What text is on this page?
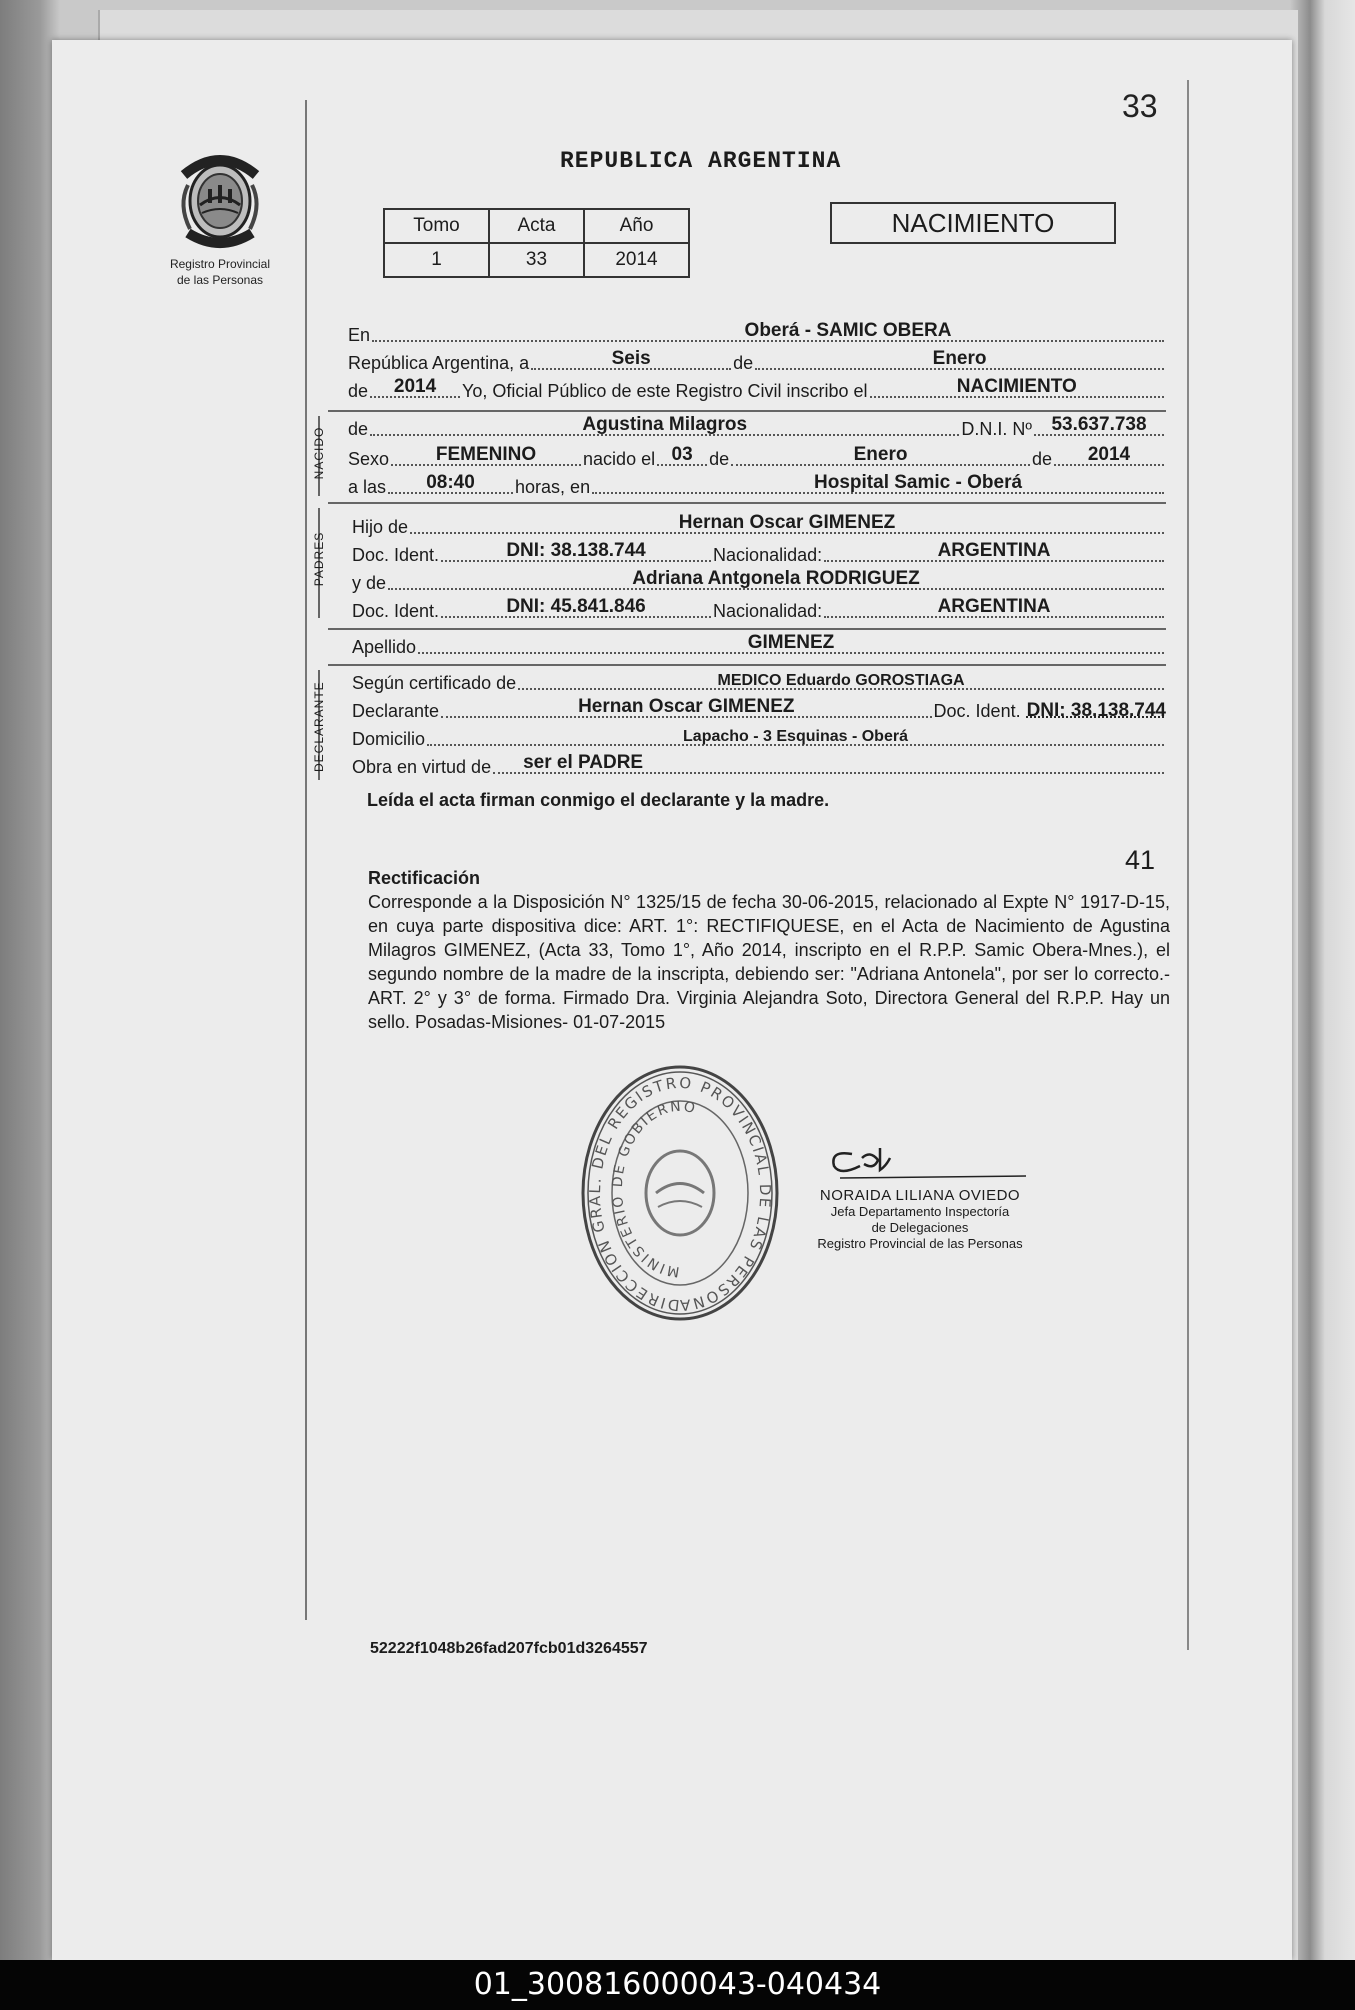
33
Registro Provincial
de las Personas
REPUBLICA ARGENTINA
Tomo	Acta	Año
1	33	2014
NACIMIENTO
En	Oberá - SAMIC OBERA
República Argentina, a	Seis	de	Enero
de	2014	Yo, Oficial Público de este Registro Civil inscribo el	NACIMIENTO
NACIDO de	Agustina Milagros	D.N.I. Nº	53.637.738
Sexo	FEMENINO	nacido el 03 de	Enero	de	2014
a las	08:40	horas, en	Hospital Samic - Oberá
PADRES
Hijo de	Hernan Oscar GIMENEZ
Doc. Ident.	DNI: 38.138.744	Nacionalidad:	ARGENTINA
y de	Adriana Antgonela RODRIGUEZ
Doc. Ident.	DNI: 45.841.846	Nacionalidad:	ARGENTINA
Apellido	GIMENEZ
DECLARANTE Según certificado de	MEDICO Eduardo GOROSTIAGA
Declarante	Hernan Oscar GIMENEZ	Doc. Ident. DNI: 38.138.744
Domicilio	Lapacho - 3 Esquinas - Oberá
Obra en virtud de ser el PADRE
Leída el acta firman conmigo el declarante y la madre.
41
Rectificación
Corresponde a la Disposición N° 1325/15 de fecha 30-06-2015, relacionado al Expte N° 1917-D-15, en cuya parte dispositiva dice: ART. 1°: RECTIFIQUESE, en el Acta de Nacimiento de Agustina Milagros GIMENEZ, (Acta 33, Tomo 1°, Año 2014, inscripto en el R.P.P. Samic Obera-Mnes.), el segundo nombre de la madre de la inscripta, debiendo ser: "Adriana Antonela", por ser lo correcto.- ART. 2° y 3° de forma. Firmado Dra. Virginia Alejandra Soto, Directora General del R.P.P. Hay un sello. Posadas-Misiones- 01-07-2015
DIRECCION GRAL. DEL REGISTRO PROVINCIAL DE LAS PERSONA
MINISTERIO DE GOBIERNO
NORAIDA LILIANA OVIEDO
Jefa Departamento Inspectoría
de Delegaciones
Registro Provincial de las Personas
52222f1048b26fad207fcb01d3264557
01_300816000043-040434
